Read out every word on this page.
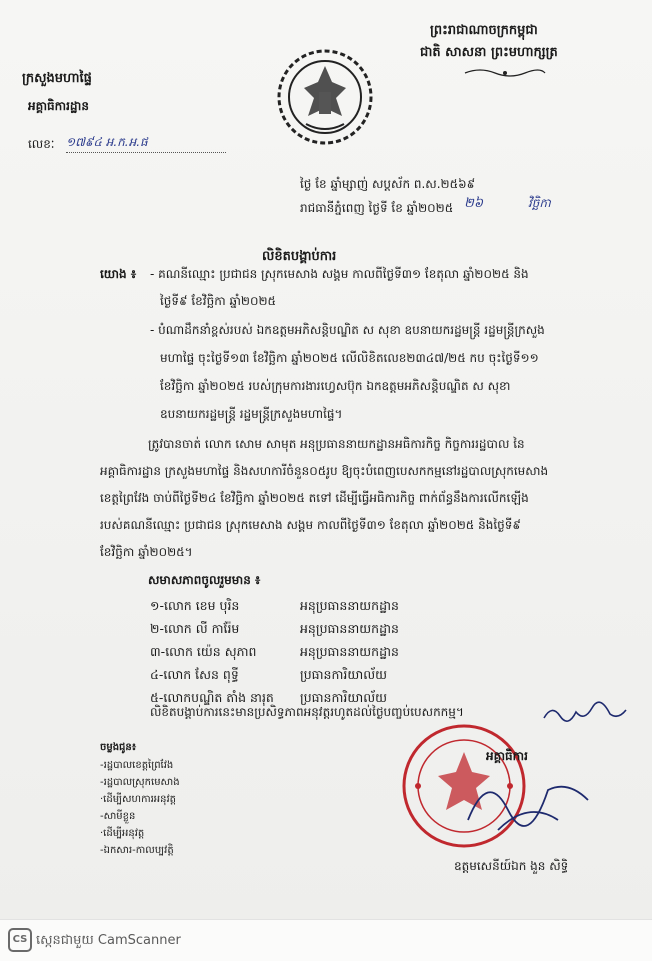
ព្រះរាជាណាចក្រកម្ពុជា
ជាតិ សាសនា ព្រះមហាក្សត្រ
ក្រសួងមហាផ្ទៃ
អគ្គាធិការដ្ឋាន
លេខៈ ១៧៩៤ អ.ក.អ.ផ
ថ្ងៃ ខែ ឆ្នាំម្សាញ់ សប្តស័ក ព.ស.២៥៦៩
រាជធានីភ្នំពេញ ថ្ងៃទី ខែ ឆ្នាំ២០២៥ ២៦	វិច្ឆិកា
លិខិតបង្គាប់ការ
យោង ៖ - គណនីឈ្មោះ ប្រជាជន ស្រុកមេសាង សង្គម កាលពីថ្ងៃទី៣១ ខែតុលា ឆ្នាំ២០២៥ និង
ថ្ងៃទី៩ ខែវិច្ឆិកា ឆ្នាំ២០២៥
- បំណាដឹកនាំខ្ពស់របស់ ឯកឧត្តមអភិសន្តិបណ្ឌិត ស សុខា ឧបនាយករដ្ឋមន្ត្រី រដ្ឋមន្ត្រីក្រសួង
មហាផ្ទៃ ចុះថ្ងៃទី១៣ ខែវិច្ឆិកា ឆ្នាំ២០២៥ លើលិខិតលេខ២៣៤៧/២៥ កប ចុះថ្ងៃទី១១
ខែវិច្ឆិកា ឆ្នាំ២០២៥ របស់ក្រុមការងារហ្វេសប៊ុក ឯកឧត្តមអភិសន្តិបណ្ឌិត ស សុខា
ឧបនាយករដ្ឋមន្ត្រី រដ្ឋមន្ត្រីក្រសួងមហាផ្ទៃ។
ត្រូវបានចាត់ លោក សោម សាមុត អនុប្រធាននាយកដ្ឋានអធិការកិច្ច កិច្ចការរដ្ឋបាល នៃ
អគ្គាធិការដ្ឋាន ក្រសួងមហាផ្ទៃ និងសហការីចំនួន០៥រូប ឱ្យចុះបំពេញបេសកកម្មនៅរដ្ឋបាលស្រុកមេសាង
ខេត្តព្រៃវែង ចាប់ពីថ្ងៃទី២៤ ខែវិច្ឆិកា ឆ្នាំ២០២៥ តទៅ ដើម្បីធ្វើអធិការកិច្ច ពាក់ព័ន្ធនឹងការលើកឡើង
របស់គណនីឈ្មោះ ប្រជាជន ស្រុកមេសាង សង្គម កាលពីថ្ងៃទី៣១ ខែតុលា ឆ្នាំ២០២៥ និងថ្ងៃទី៩
ខែវិច្ឆិកា ឆ្នាំ២០២៥។
សមាសភាពចូលរួមមាន ៖
១-លោក ខេម បុរិន	អនុប្រធាននាយកដ្ឋាន
២-លោក លី ការ៉ែម	អនុប្រធាននាយកដ្ឋាន
៣-លោក យ៉េន សុភាព	អនុប្រធាននាយកដ្ឋាន
៤-លោក សែន ពុទ្ធី	ប្រធានការិយាល័យ
៥-លោកបណ្ឌិត តាំង នារុត ប្រធានការិយាល័យ
លិខិតបង្គាប់ការនេះមានប្រសិទ្ធភាពអនុវត្តរហូតដល់ថ្ងៃបញ្ចប់បេសកកម្ម។
អគ្គាធិការ
ឧត្តមសេនីយ៍ឯក ងួន សិទ្ធិ
ចម្លងជូន៖
-រដ្ឋបាលខេត្តព្រៃវែង
-រដ្ឋបាលស្រុកមេសាង
·ដើម្បីសហការអនុវត្ត
-សាមីខ្លួន
·ដើម្បីអនុវត្ត
-ឯកសារ-កាលប្បវត្តិ
CS ស្កេនជាមួយ CamScanner
